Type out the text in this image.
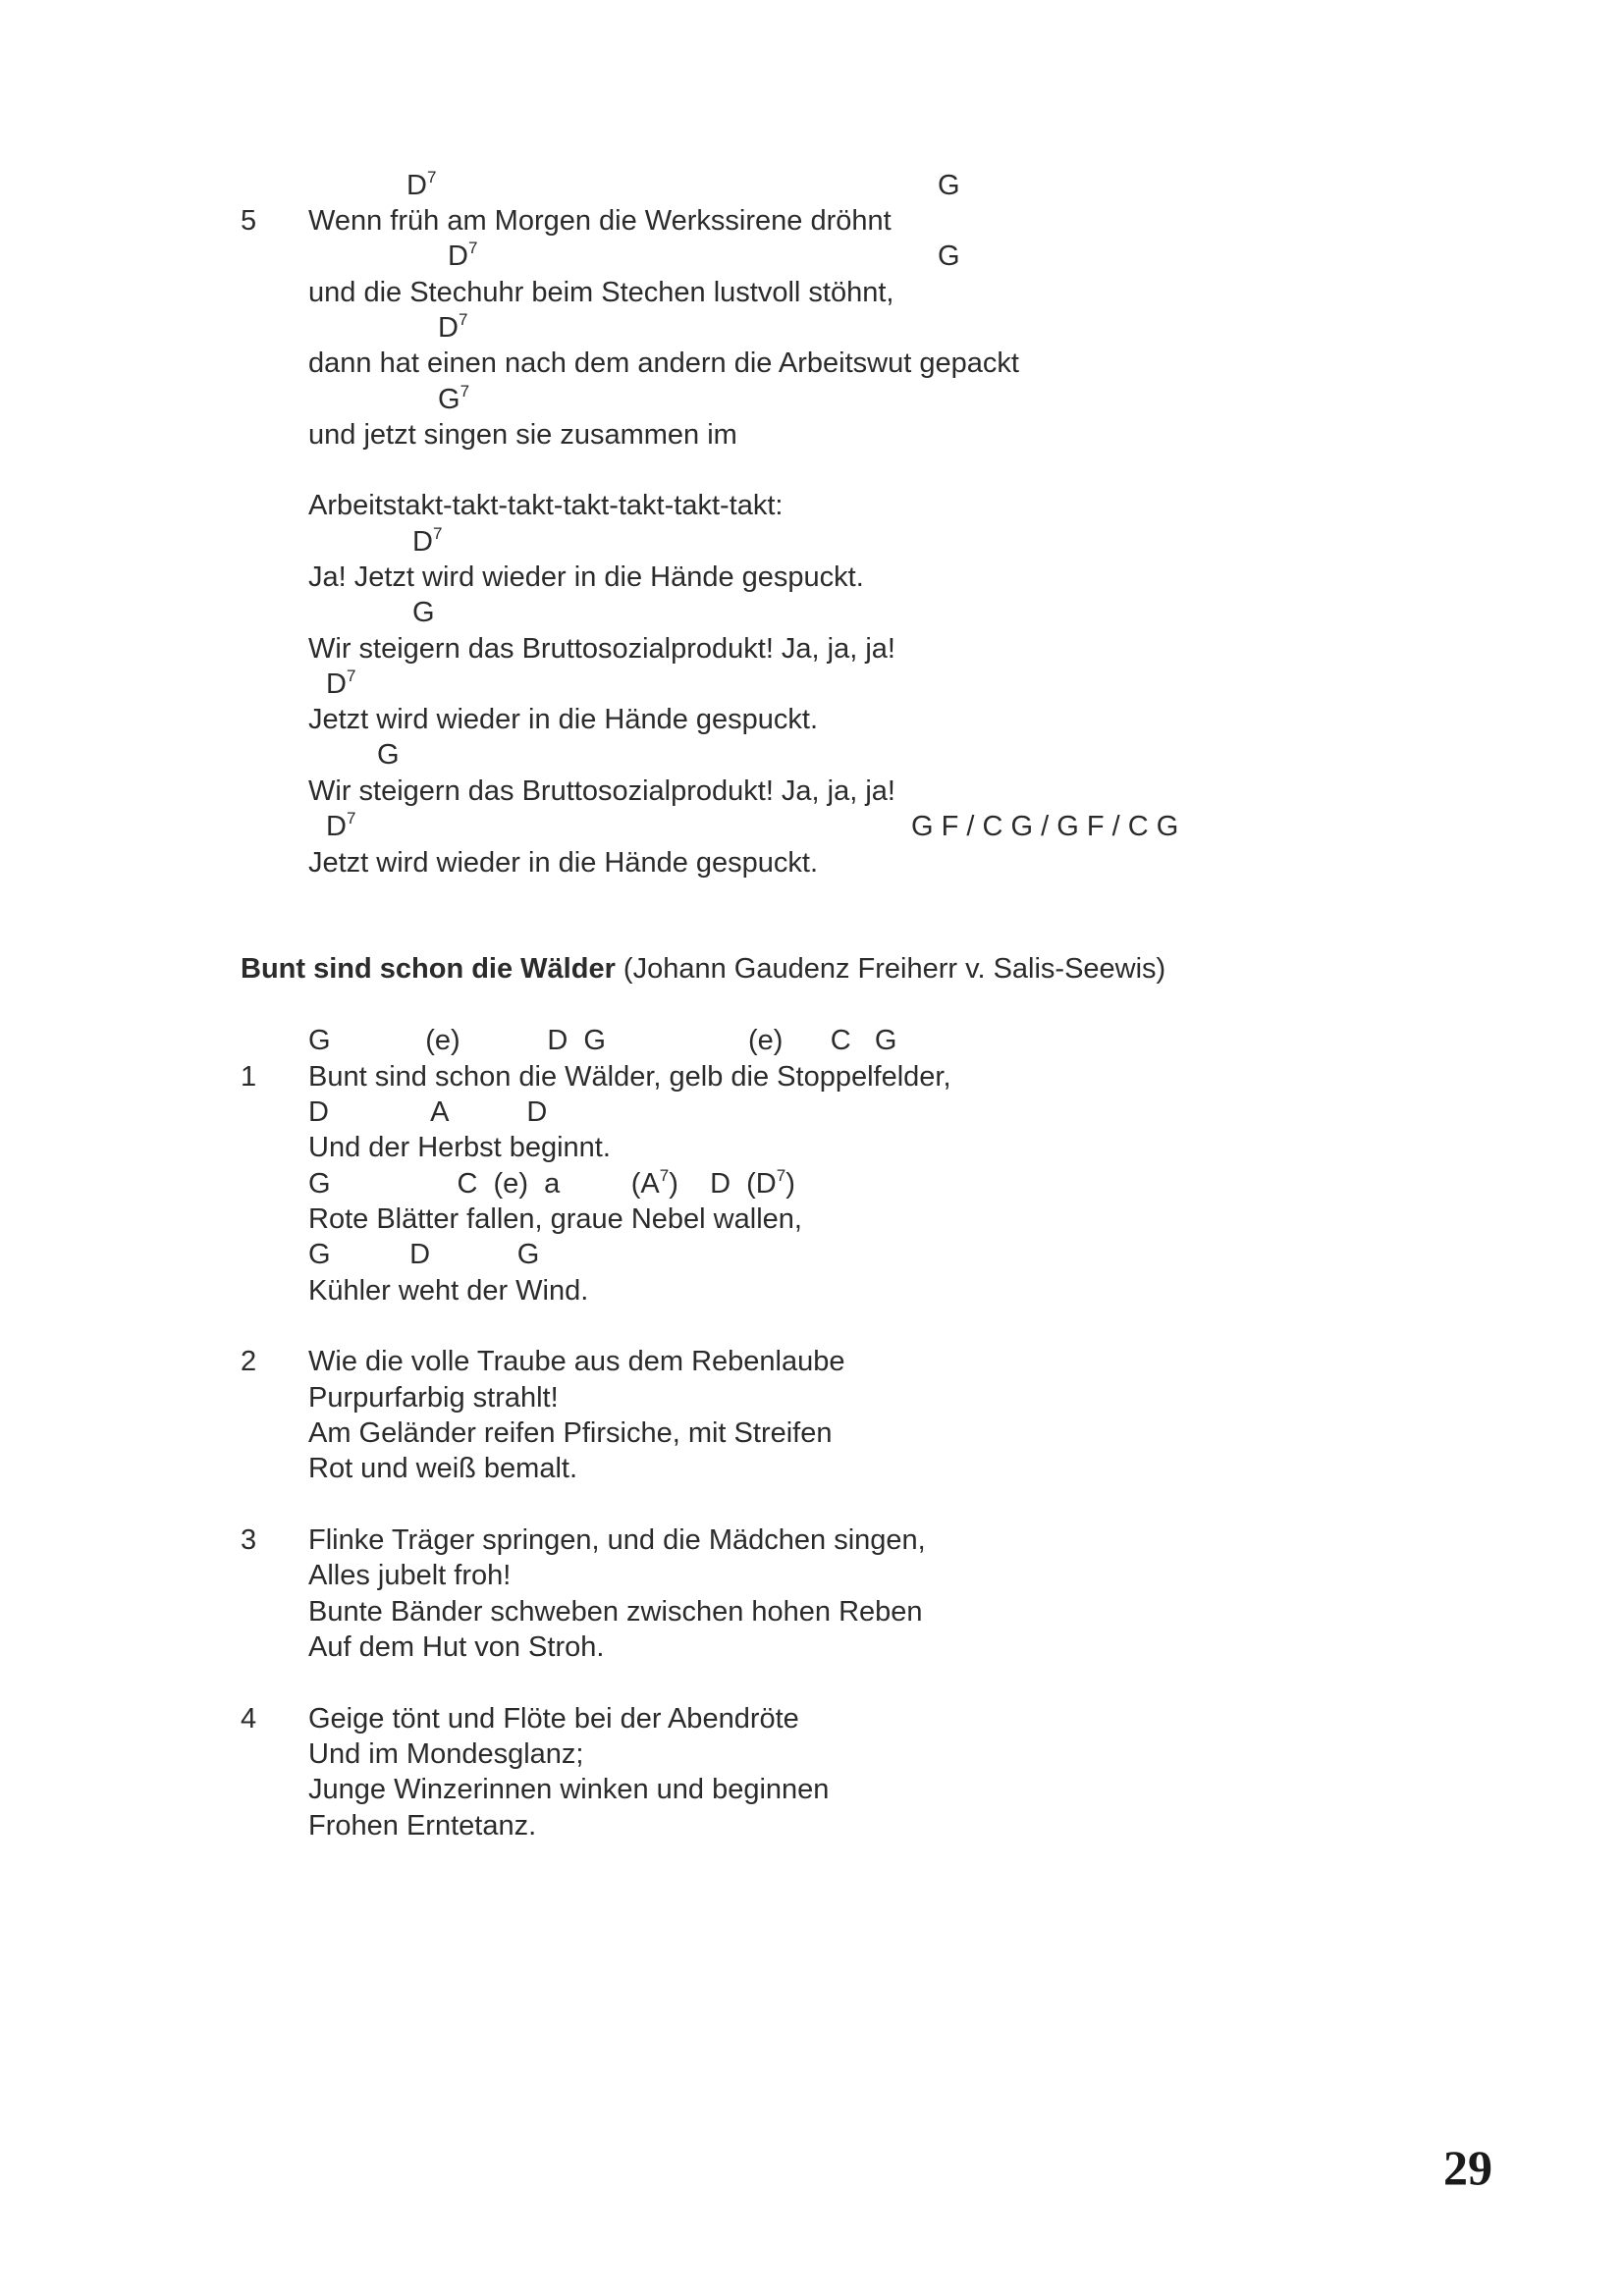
$D^7$	G
5 Wenn früh am Morgen die Werkssirene dröhnt
$D^7$	G
und die Stechuhr beim Stechen lustvoll stöhnt,
$D^7$
dann hat einen nach dem andern die Arbeitswut gepackt
$G^7$
und jetzt singen sie zusammen im
Arbeitstakt-takt-takt-takt-takt-takt-takt:
$D^7$
Ja! Jetzt wird wieder in die Hände gespuckt.
G
Wir steigern das Bruttosozialprodukt! Ja, ja, ja!
$D^7$
Jetzt wird wieder in die Hände gespuckt.
G
Wir steigern das Bruttosozialprodukt! Ja, ja, ja!
$D^7$	G F / C G / G F / C G
Jetzt wird wieder in die Hände gespuckt.
Bunt sind schon die Wälder (Johann Gaudenz Freiherr v. Salis-Seewis)
G            (e)           D  G                  (e)      C   G
1 Bunt sind schon die Wälder, gelb die Stoppelfelder,
D             A          D
Und der Herbst beginnt.
G                C  (e)  a         $(A^7)$    D  $(D^7)$
Rote Blätter fallen, graue Nebel wallen,
G          D           G
Kühler weht der Wind.
2 Wie die volle Traube aus dem Rebenlaube
Purpurfarbig strahlt!
Am Geländer reifen Pfirsiche, mit Streifen
Rot und weiß bemalt.
3 Flinke Träger springen, und die Mädchen singen,
Alles jubelt froh!
Bunte Bänder schweben zwischen hohen Reben
Auf dem Hut von Stroh.
4 Geige tönt und Flöte bei der Abendröte
Und im Mondesglanz;
Junge Winzerinnen winken und beginnen
Frohen Erntetanz.
29
